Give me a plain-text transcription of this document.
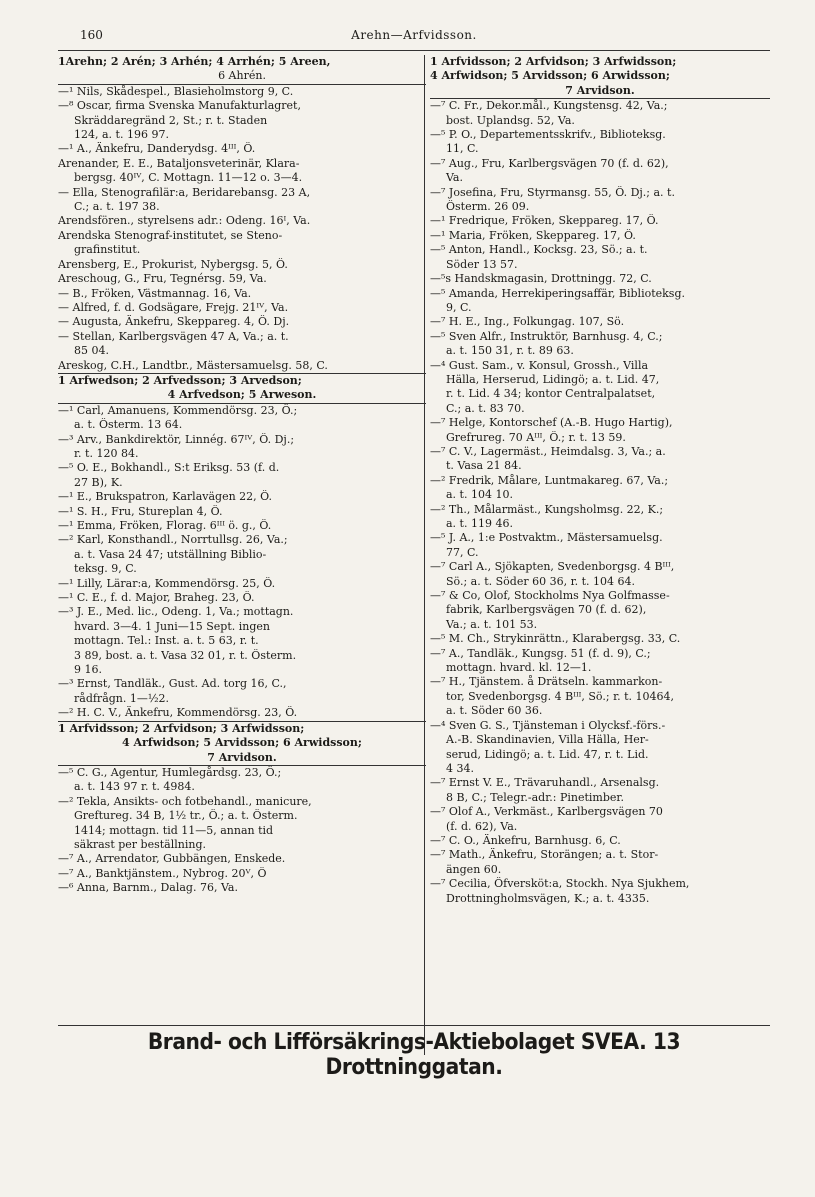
160	Arehn—Arfvidsson.
1Arehn; 2 Arén; 3 Arhén; 4 Arrhén; 5 Areen,
6 Ahrén.
—¹ Nils, Skådespel., Blasieholmstorg 9, C.
—⁸ Oscar, firma Svenska Manufakturlagret,
Skräddaregränd 2, St.; r. t. Staden
124, a. t. 196 97.
—¹ A., Änkefru, Danderydsg. 4ᴵᴵᴵ, Ö.
Arenander, E. E., Bataljonsveterinär, Klara-
bergsg. 40ᴵⱽ, C. Mottagn. 11—12 o. 3—4.
— Ella, Stenografilär:a, Beridarebansg. 23 A,
C.; a. t. 197 38.
Arendsfören., styrelsens adr.: Odeng. 16ᴵ, Va.
Arendska Stenograf-institutet, se Steno-
grafinstitut.
Arensberg, E., Prokurist, Nybergsg. 5, Ö.
Areschoug, G., Fru, Tegnérsg. 59, Va.
— B., Fröken, Västmannag. 16, Va.
— Alfred, f. d. Godsägare, Frejg. 21ᴵⱽ, Va.
— Augusta, Änkefru, Skeppareg. 4, Ö. Dj.
— Stellan, Karlbergsvägen 47 A, Va.; a. t.
85 04.
Areskog, C.H., Landtbr., Mästersamuelsg. 58, C.
1 Arfwedson; 2 Arfvedsson; 3 Arvedson;
4 Arfvedson; 5 Arweson.
—¹ Carl, Amanuens, Kommendörsg. 23, Ö.;
a. t. Österm. 13 64.
—³ Arv., Bankdirektör, Linnég. 67ᴵⱽ, Ö. Dj.;
r. t. 120 84.
—⁵ O. E., Bokhandl., S:t Eriksg. 53 (f. d.
27 B), K.
—¹ E., Brukspatron, Karlavägen 22, Ö.
—¹ S. H., Fru, Stureplan 4, Ö.
—¹ Emma, Fröken, Florag. 6ᴵᴵᴵ ö. g., Ö.
—² Karl, Konsthandl., Norrtullsg. 26, Va.;
a. t. Vasa 24 47; utställning Biblio-
teksg. 9, C.
—¹ Lilly, Lärar:a, Kommendörsg. 25, Ö.
—¹ C. E., f. d. Major, Braheg. 23, Ö.
—³ J. E., Med. lic., Odeng. 1, Va.; mottagn.
hvard. 3—4. 1 Juni—15 Sept. ingen
mottagn. Tel.: Inst. a. t. 5 63, r. t.
3 89, bost. a. t. Vasa 32 01, r. t. Österm.
9 16.
—³ Ernst, Tandläk., Gust. Ad. torg 16, C.,
rådfrågn. 1—½2.
—² H. C. V., Änkefru, Kommendörsg. 23, Ö.
1 Arfvidsson; 2 Arfvidson; 3 Arfwidsson;
4 Arfwidson; 5 Arvidsson; 6 Arwidsson;
7 Arvidson.
—⁵ C. G., Agentur, Humlegårdsg. 23, Ö.;
a. t. 143 97 r. t. 4984.
—² Tekla, Ansikts- och fotbehandl., manicure,
Greftureg. 34 B, 1½ tr., Ö.; a. t. Österm.
1414; mottagn. tid 11—5, annan tid
säkrast per beställning.
—⁷ A., Arrendator, Gubbängen, Enskede.
—⁷ A., Banktjänstem., Nybrog. 20ⱽ, Ö
—⁶ Anna, Barnm., Dalag. 76, Va.
1 Arfvidsson; 2 Arfvidson; 3 Arfwidsson;
4 Arfwidson; 5 Arvidsson; 6 Arwidsson;
7 Arvidson.
—⁷ C. Fr., Dekor.mål., Kungstensg. 42, Va.;
bost. Uplandsg. 52, Va.
—⁵ P. O., Departementsskrifv., Biblioteksg.
11, C.
—⁷ Aug., Fru, Karlbergsvägen 70 (f. d. 62),
Va.
—⁷ Josefina, Fru, Styrmansg. 55, Ö. Dj.; a. t.
Österm. 26 09.
—¹ Fredrique, Fröken, Skeppareg. 17, Ö.
—¹ Maria, Fröken, Skeppareg. 17, Ö.
—⁵ Anton, Handl., Kocksg. 23, Sö.; a. t.
Söder 13 57.
—⁵s Handskmagasin, Drottningg. 72, C.
—⁵ Amanda, Herrekiperingsaffär, Biblioteksg.
9, C.
—⁷ H. E., Ing., Folkungag. 107, Sö.
—⁵ Sven Alfr., Instruktör, Barnhusg. 4, C.;
a. t. 150 31, r. t. 89 63.
—⁴ Gust. Sam., v. Konsul, Grossh., Villa
Hälla, Herserud, Lidingö; a. t. Lid. 47,
r. t. Lid. 4 34; kontor Centralpalatset,
C.; a. t. 83 70.
—⁷ Helge, Kontorschef (A.-B. Hugo Hartig),
Grefrureg. 70 Aᴵᴵᴵ, Ö.; r. t. 13 59.
—⁷ C. V., Lagermäst., Heimdalsg. 3, Va.; a.
t. Vasa 21 84.
—² Fredrik, Målare, Luntmakareg. 67, Va.;
a. t. 104 10.
—² Th., Målarmäst., Kungsholmsg. 22, K.;
a. t. 119 46.
—⁵ J. A., 1:e Postvaktm., Mästersamuelsg.
77, C.
—⁷ Carl A., Sjökapten, Svedenborgsg. 4 Bᴵᴵᴵ,
Sö.; a. t. Söder 60 36, r. t. 104 64.
—⁷ & Co, Olof, Stockholms Nya Golfmasse-
fabrik, Karlbergsvägen 70 (f. d. 62),
Va.; a. t. 101 53.
—⁵ M. Ch., Strykinrättn., Klarabergsg. 33, C.
—⁷ A., Tandläk., Kungsg. 51 (f. d. 9), C.;
mottagn. hvard. kl. 12—1.
—⁷ H., Tjänstem. å Drätseln. kammarkon-
tor, Svedenborgsg. 4 Bᴵᴵᴵ, Sö.; r. t. 10464,
a. t. Söder 60 36.
—⁴ Sven G. S., Tjänsteman i Olycksf.-förs.-
A.-B. Skandinavien, Villa Hälla, Her-
serud, Lidingö; a. t. Lid. 47, r. t. Lid.
4 34.
—⁷ Ernst V. E., Trävaruhandl., Arsenalsg.
8 B, C.; Telegr.-adr.: Pinetimber.
—⁷ Olof A., Verkmäst., Karlbergsvägen 70
(f. d. 62), Va.
—⁷ C. O., Änkefru, Barnhusg. 6, C.
—⁷ Math., Änkefru, Storängen; a. t. Stor-
ängen 60.
—⁷ Cecilia, Öfversköt:a, Stockh. Nya Sjukhem,
Drottningholmsvägen, K.; a. t. 4335.
Brand- och Lifförsäkrings-Aktiebolaget SVEA. 13 Drottninggatan.
